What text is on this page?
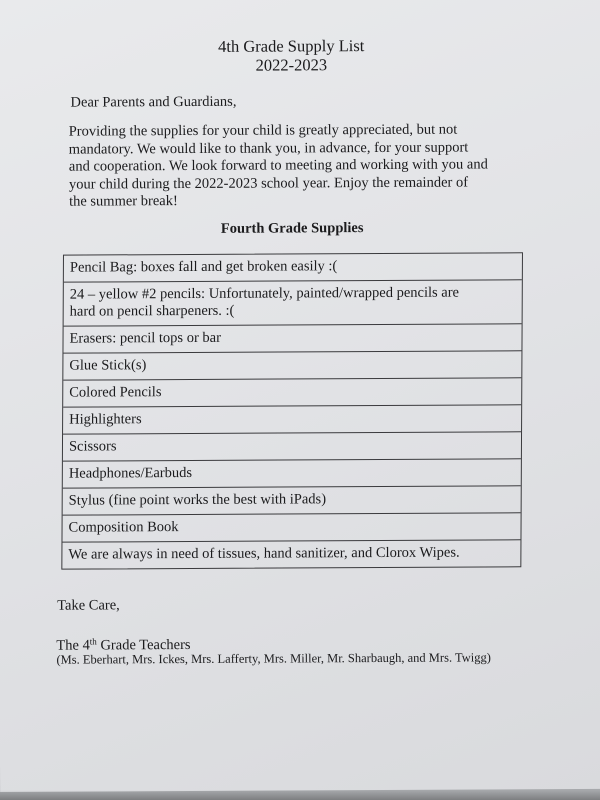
4th Grade Supply List
2022-2023
Dear Parents and Guardians,
Providing the supplies for your child is greatly appreciated, but not
mandatory. We would like to thank you, in advance, for your support
and cooperation. We look forward to meeting and working with you and
your child during the 2022-2023 school year. Enjoy the remainder of
the summer break!
Fourth Grade Supplies
Pencil Bag: boxes fall and get broken easily :(
24 – yellow #2 pencils: Unfortunately, painted/wrapped pencils are
hard on pencil sharpeners. :(
Erasers: pencil tops or bar
Glue Stick(s)
Colored Pencils
Highlighters
Scissors
Headphones/Earbuds
Stylus (fine point works the best with iPads)
Composition Book
We are always in need of tissues, hand sanitizer, and Clorox Wipes.
Take Care,
The 4th Grade Teachers
(Ms. Eberhart, Mrs. Ickes, Mrs. Lafferty, Mrs. Miller, Mr. Sharbaugh, and Mrs. Twigg)
